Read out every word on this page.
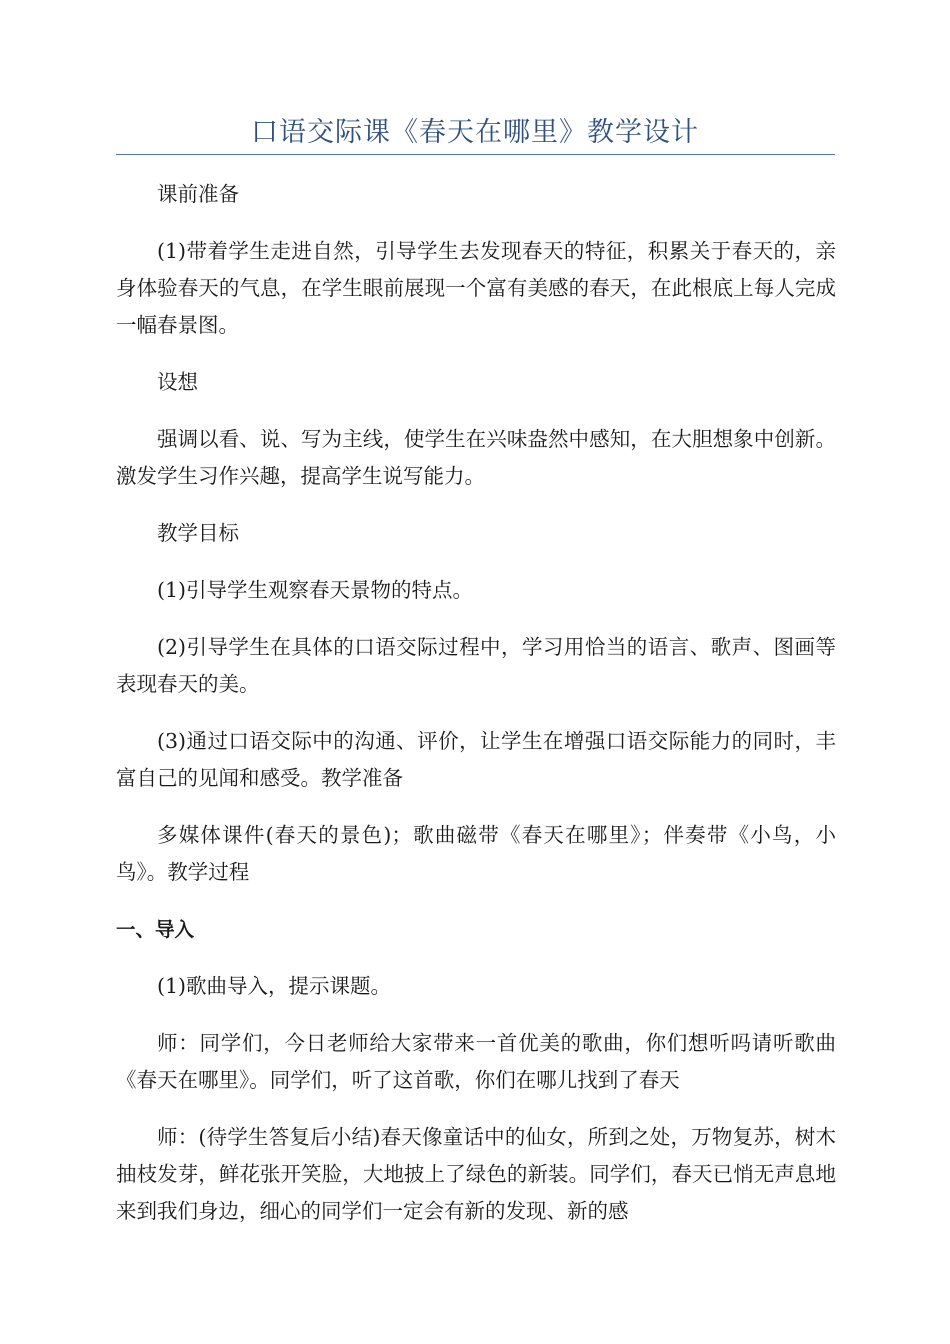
口语交际课《春天在哪里》教学设计

课前准备

(1)带着学生走进自然，引导学生去发现春天的特征，积累关于春天的，亲身体验春天的气息，在学生眼前展现一个富有美感的春天，在此根底上每人完成一幅春景图。

设想

强调以看、说、写为主线，使学生在兴味盎然中感知，在大胆想象中创新。激发学生习作兴趣，提高学生说写能力。

教学目标

(1)引导学生观察春天景物的特点。

(2)引导学生在具体的口语交际过程中，学习用恰当的语言、歌声、图画等表现春天的美。

(3)通过口语交际中的沟通、评价，让学生在增强口语交际能力的同时，丰富自己的见闻和感受。教学准备

多媒体课件(春天的景色)；歌曲磁带《春天在哪里》；伴奏带《小鸟，小鸟》。教学过程

一、导入

(1)歌曲导入，提示课题。

师：同学们，今日老师给大家带来一首优美的歌曲，你们想听吗请听歌曲《春天在哪里》。同学们，听了这首歌，你们在哪儿找到了春天

师：(待学生答复后小结)春天像童话中的仙女，所到之处，万物复苏，树木抽枝发芽，鲜花张开笑脸，大地披上了绿色的新装。同学们，春天已悄无声息地来到我们身边，细心的同学们一定会有新的发现、新的感
